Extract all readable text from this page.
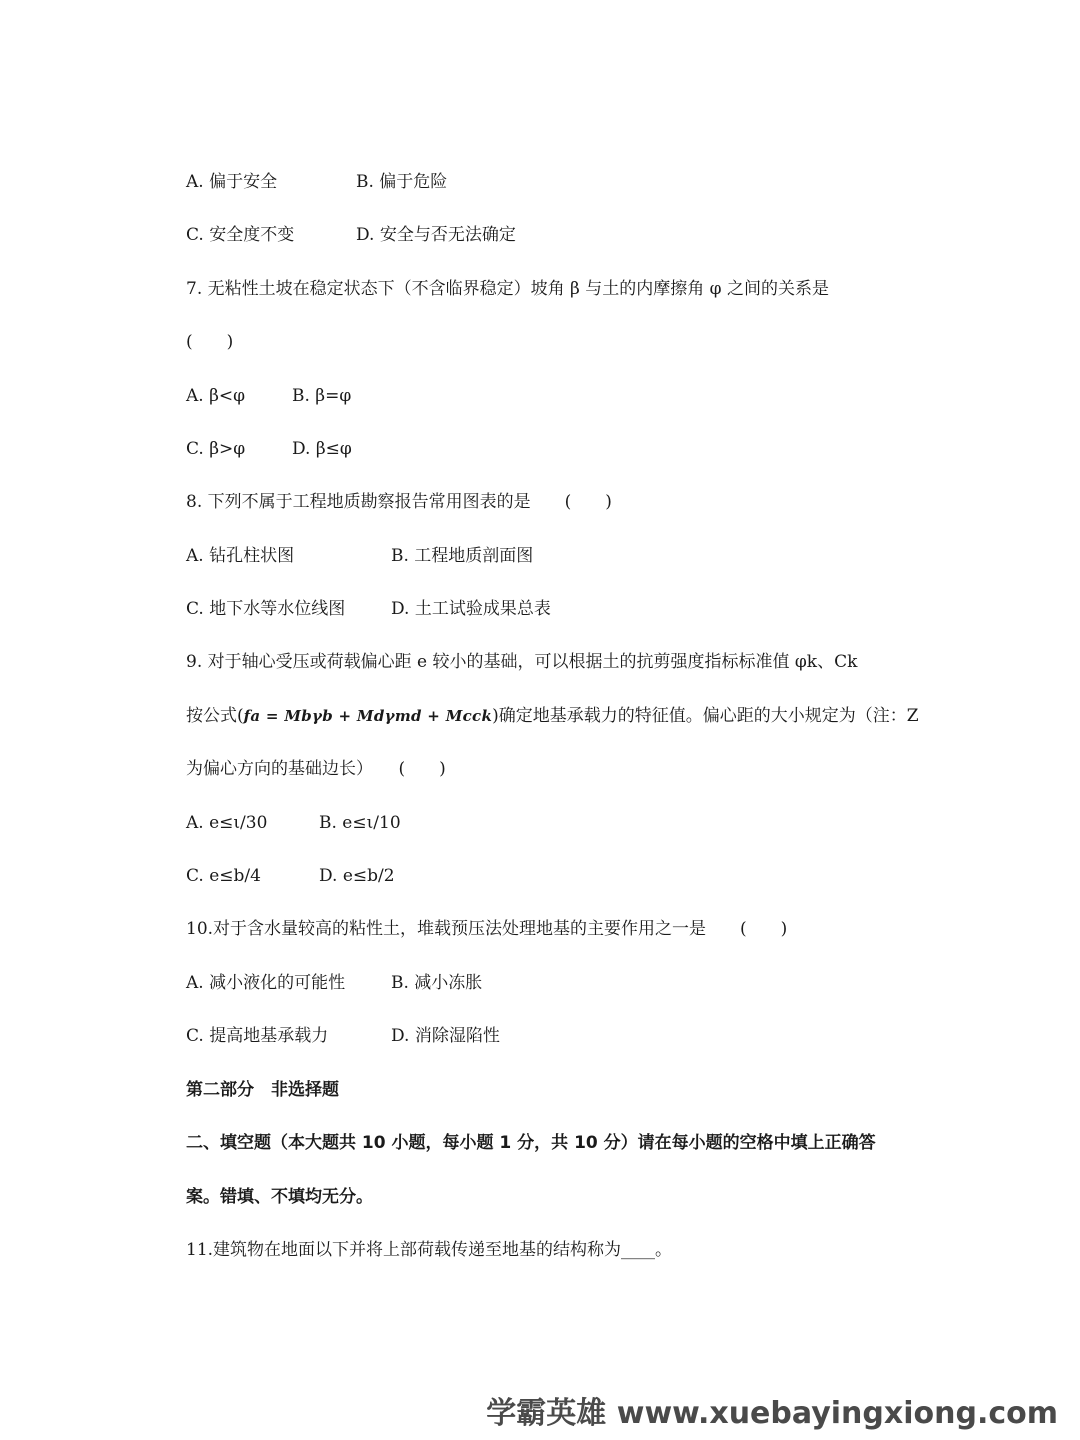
A. 偏于安全	B. 偏于危险
C. 安全度不变	D. 安全与否无法确定
7. 无粘性土坡在稳定状态下（不含临界稳定）坡角 β 与土的内摩擦角 φ 之间的关系是
(　　)
A. β<φ	B. β=φ
C. β>φ	D. β≤φ
8. 下列不属于工程地质勘察报告常用图表的是　　(　　)
A. 钻孔柱状图	B. 工程地质剖面图
C. 地下水等水位线图	D. 土工试验成果总表
9. 对于轴心受压或荷载偏心距 e 较小的基础，可以根据土的抗剪强度指标标准值 φk、Ck
按公式(fa = Mbγb + Mdγmd + Mcck)确定地基承载力的特征值。偏心距的大小规定为（注：Z
为偏心方向的基础边长）　　(　　)
A. e≤ι/30	B. e≤ι/10
C. e≤b/4	D. e≤b/2
10.对于含水量较高的粘性土，堆载预压法处理地基的主要作用之一是　　(　　)
A. 减小液化的可能性	B. 减小冻胀
C. 提高地基承载力	D. 消除湿陷性
第二部分　非选择题
二、填空题（本大题共 10 小题，每小题 1 分，共 10 分）请在每小题的空格中填上正确答
案。错填、不填均无分。
11.建筑物在地面以下并将上部荷载传递至地基的结构称为____。
学霸英雄 www.xuebayingxiong.com
